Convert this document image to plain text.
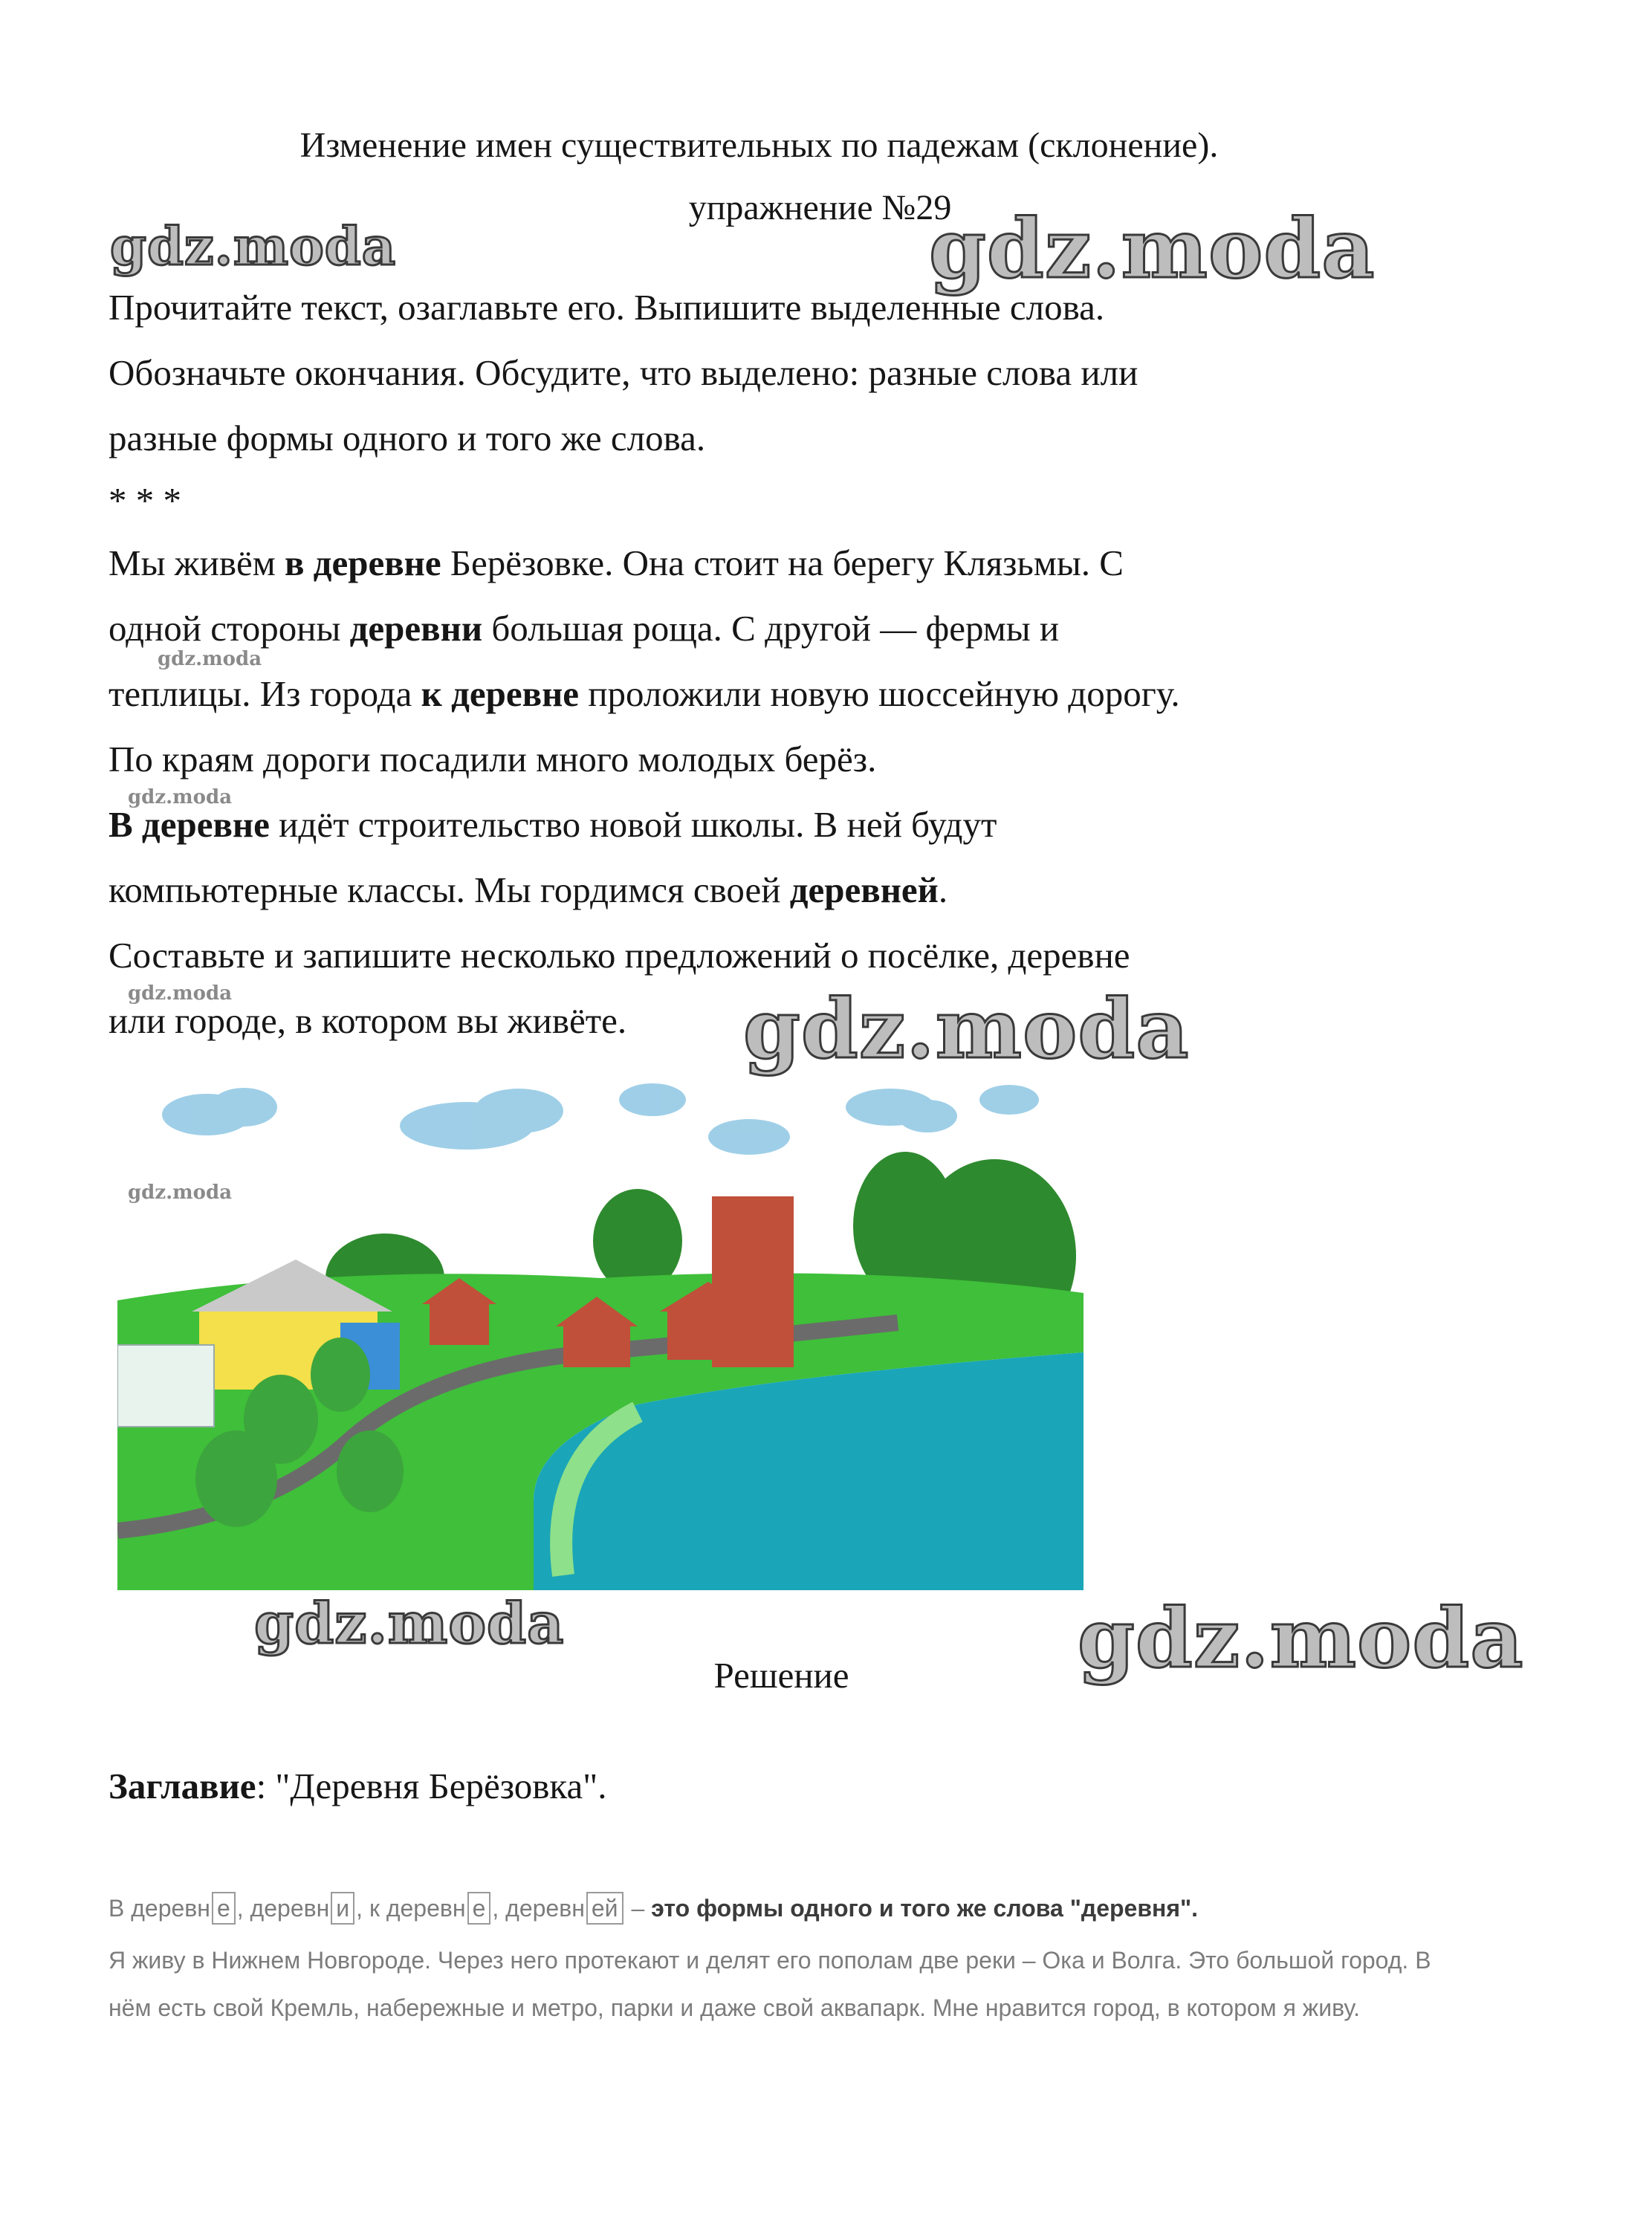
Изменение имен существительных по падежам (склонение).
упражнение №29
Прочитайте текст, озаглавьте его. Выпишите выделенные слова.
Обозначьте окончания. Обсудите, что выделено: разные слова или
разные формы одного и того же слова.
* * *
Мы живём в деревне Берёзовке. Она стоит на берегу Клязьмы. С
одной стороны деревни большая роща. С другой — фермы и
теплицы. Из города к деревне проложили новую шоссейную дорогу.
По краям дороги посадили много молодых берёз.
В деревне идёт строительство новой школы. В ней будут
компьютерные классы. Мы гордимся своей деревней.
Составьте и запишите несколько предложений о посёлке, деревне
или городе, в котором вы живёте.
gdz.moda	gdz.moda
gdz.moda
gdz.moda
gdz.moda	gdz.moda
gdz.moda
gdz.moda	gdz.moda
Решение
Заглавие: "Деревня Берёзовка".
В деревн е , деревн и , к деревн е , деревн ей – это формы одного и того же слова "деревня".
Я живу в Нижнем Новгороде. Через него протекают и делят его пополам две реки – Ока и Волга. Это большой город. В
нём есть свой Кремль, набережные и метро, парки и даже свой аквапарк. Мне нравится город, в котором я живу.
